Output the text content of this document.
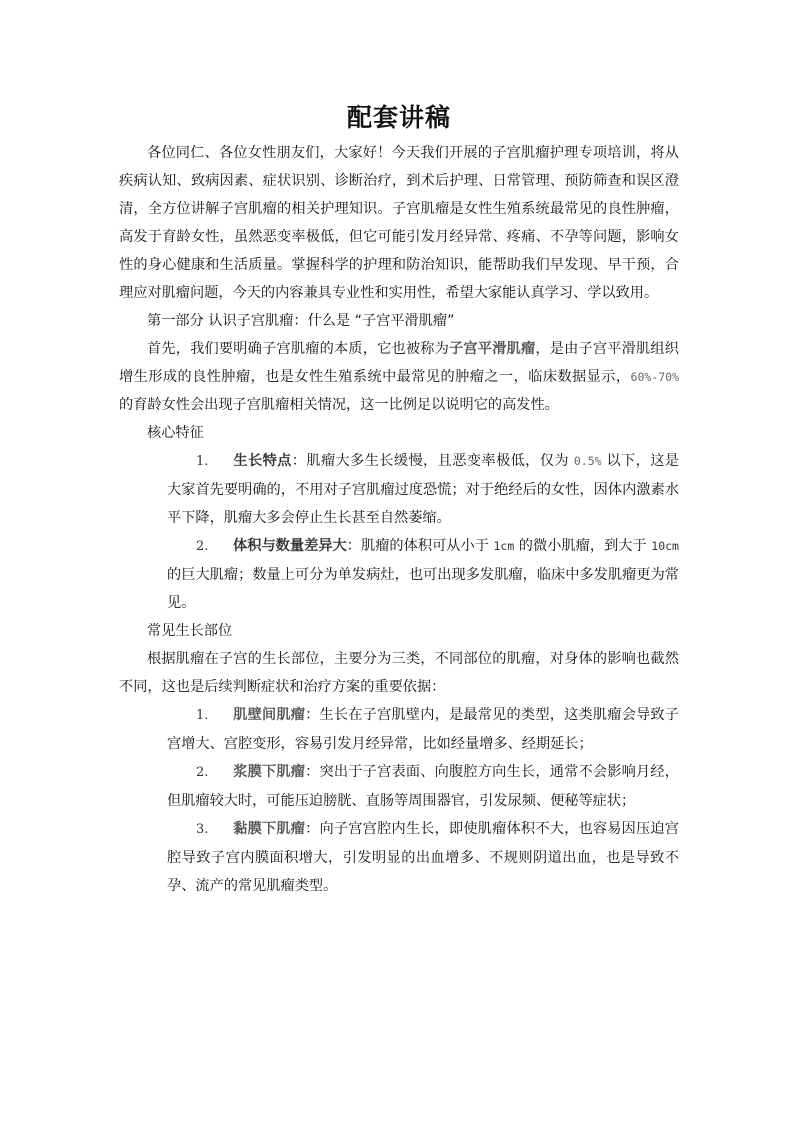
配套讲稿

各位同仁、各位女性朋友们，大家好！今天我们开展的子宫肌瘤护理专项培训，将从疾病认知、致病因素、症状识别、诊断治疗，到术后护理、日常管理、预防筛查和误区澄清，全方位讲解子宫肌瘤的相关护理知识。子宫肌瘤是女性生殖系统最常见的良性肿瘤，高发于育龄女性，虽然恶变率极低，但它可能引发月经异常、疼痛、不孕等问题，影响女性的身心健康和生活质量。掌握科学的护理和防治知识，能帮助我们早发现、早干预，合理应对肌瘤问题，今天的内容兼具专业性和实用性，希望大家能认真学习、学以致用。

第一部分 认识子宫肌瘤：什么是 “子宫平滑肌瘤”

首先，我们要明确子宫肌瘤的本质，它也被称为子宫平滑肌瘤，是由子宫平滑肌组织增生形成的良性肿瘤，也是女性生殖系统中最常见的肿瘤之一，临床数据显示，60%-70% 的育龄女性会出现子宫肌瘤相关情况，这一比例足以说明它的高发性。

核心特征

1. 生长特点：肌瘤大多生长缓慢，且恶变率极低，仅为 0.5% 以下，这是大家首先要明确的，不用对子宫肌瘤过度恐慌；对于绝经后的女性，因体内激素水平下降，肌瘤大多会停止生长甚至自然萎缩。

2. 体积与数量差异大：肌瘤的体积可从小于 1cm 的微小肌瘤，到大于 10cm 的巨大肌瘤；数量上可分为单发病灶，也可出现多发肌瘤，临床中多发肌瘤更为常见。

常见生长部位

根据肌瘤在子宫的生长部位，主要分为三类，不同部位的肌瘤，对身体的影响也截然不同，这也是后续判断症状和治疗方案的重要依据：

1. 肌壁间肌瘤：生长在子宫肌壁内，是最常见的类型，这类肌瘤会导致子宫增大、宫腔变形，容易引发月经异常，比如经量增多、经期延长；

2. 浆膜下肌瘤：突出于子宫表面、向腹腔方向生长，通常不会影响月经，但肌瘤较大时，可能压迫膀胱、直肠等周围器官，引发尿频、便秘等症状；

3. 黏膜下肌瘤：向子宫宫腔内生长，即使肌瘤体积不大，也容易因压迫宫腔导致子宫内膜面积增大，引发明显的出血增多、不规则阴道出血，也是导致不孕、流产的常见肌瘤类型。
